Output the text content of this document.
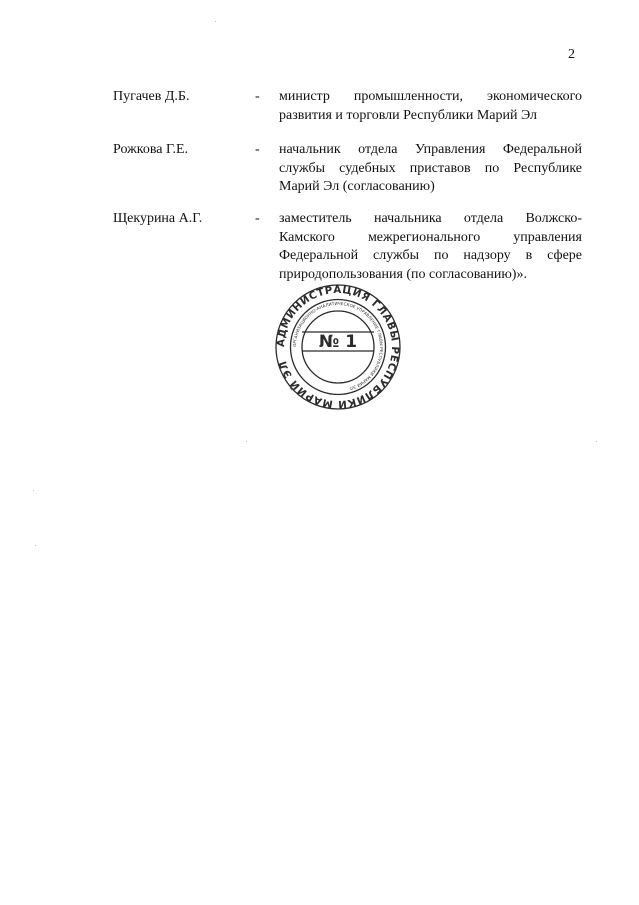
2
Пугачев Д.Б.	- министр промышленности, экономического
развития и торговли Республики Марий Эл
Рожкова Г.Е.	- начальник отдела Управления Федеральной
службы судебных приставов по Республике
Марий Эл (согласованию)
Щекурина А.Г.	- заместитель начальника отдела Волжско-
Камского межрегионального управления
Федеральной службы по надзору в сфере
природопользования (по согласованию)».
АДМИНИСТРАЦИЯ ГЛАВЫ РЕСПУБЛИКИ МАРИЙ ЭЛ
ОРГАНИЗАЦИОННО-АНАЛИТИЧЕСКОЕ УПРАВЛЕНИЕ ГЛАВЫ РЕСПУБЛИКИ МАРИЙ ЭЛ
№ 1
